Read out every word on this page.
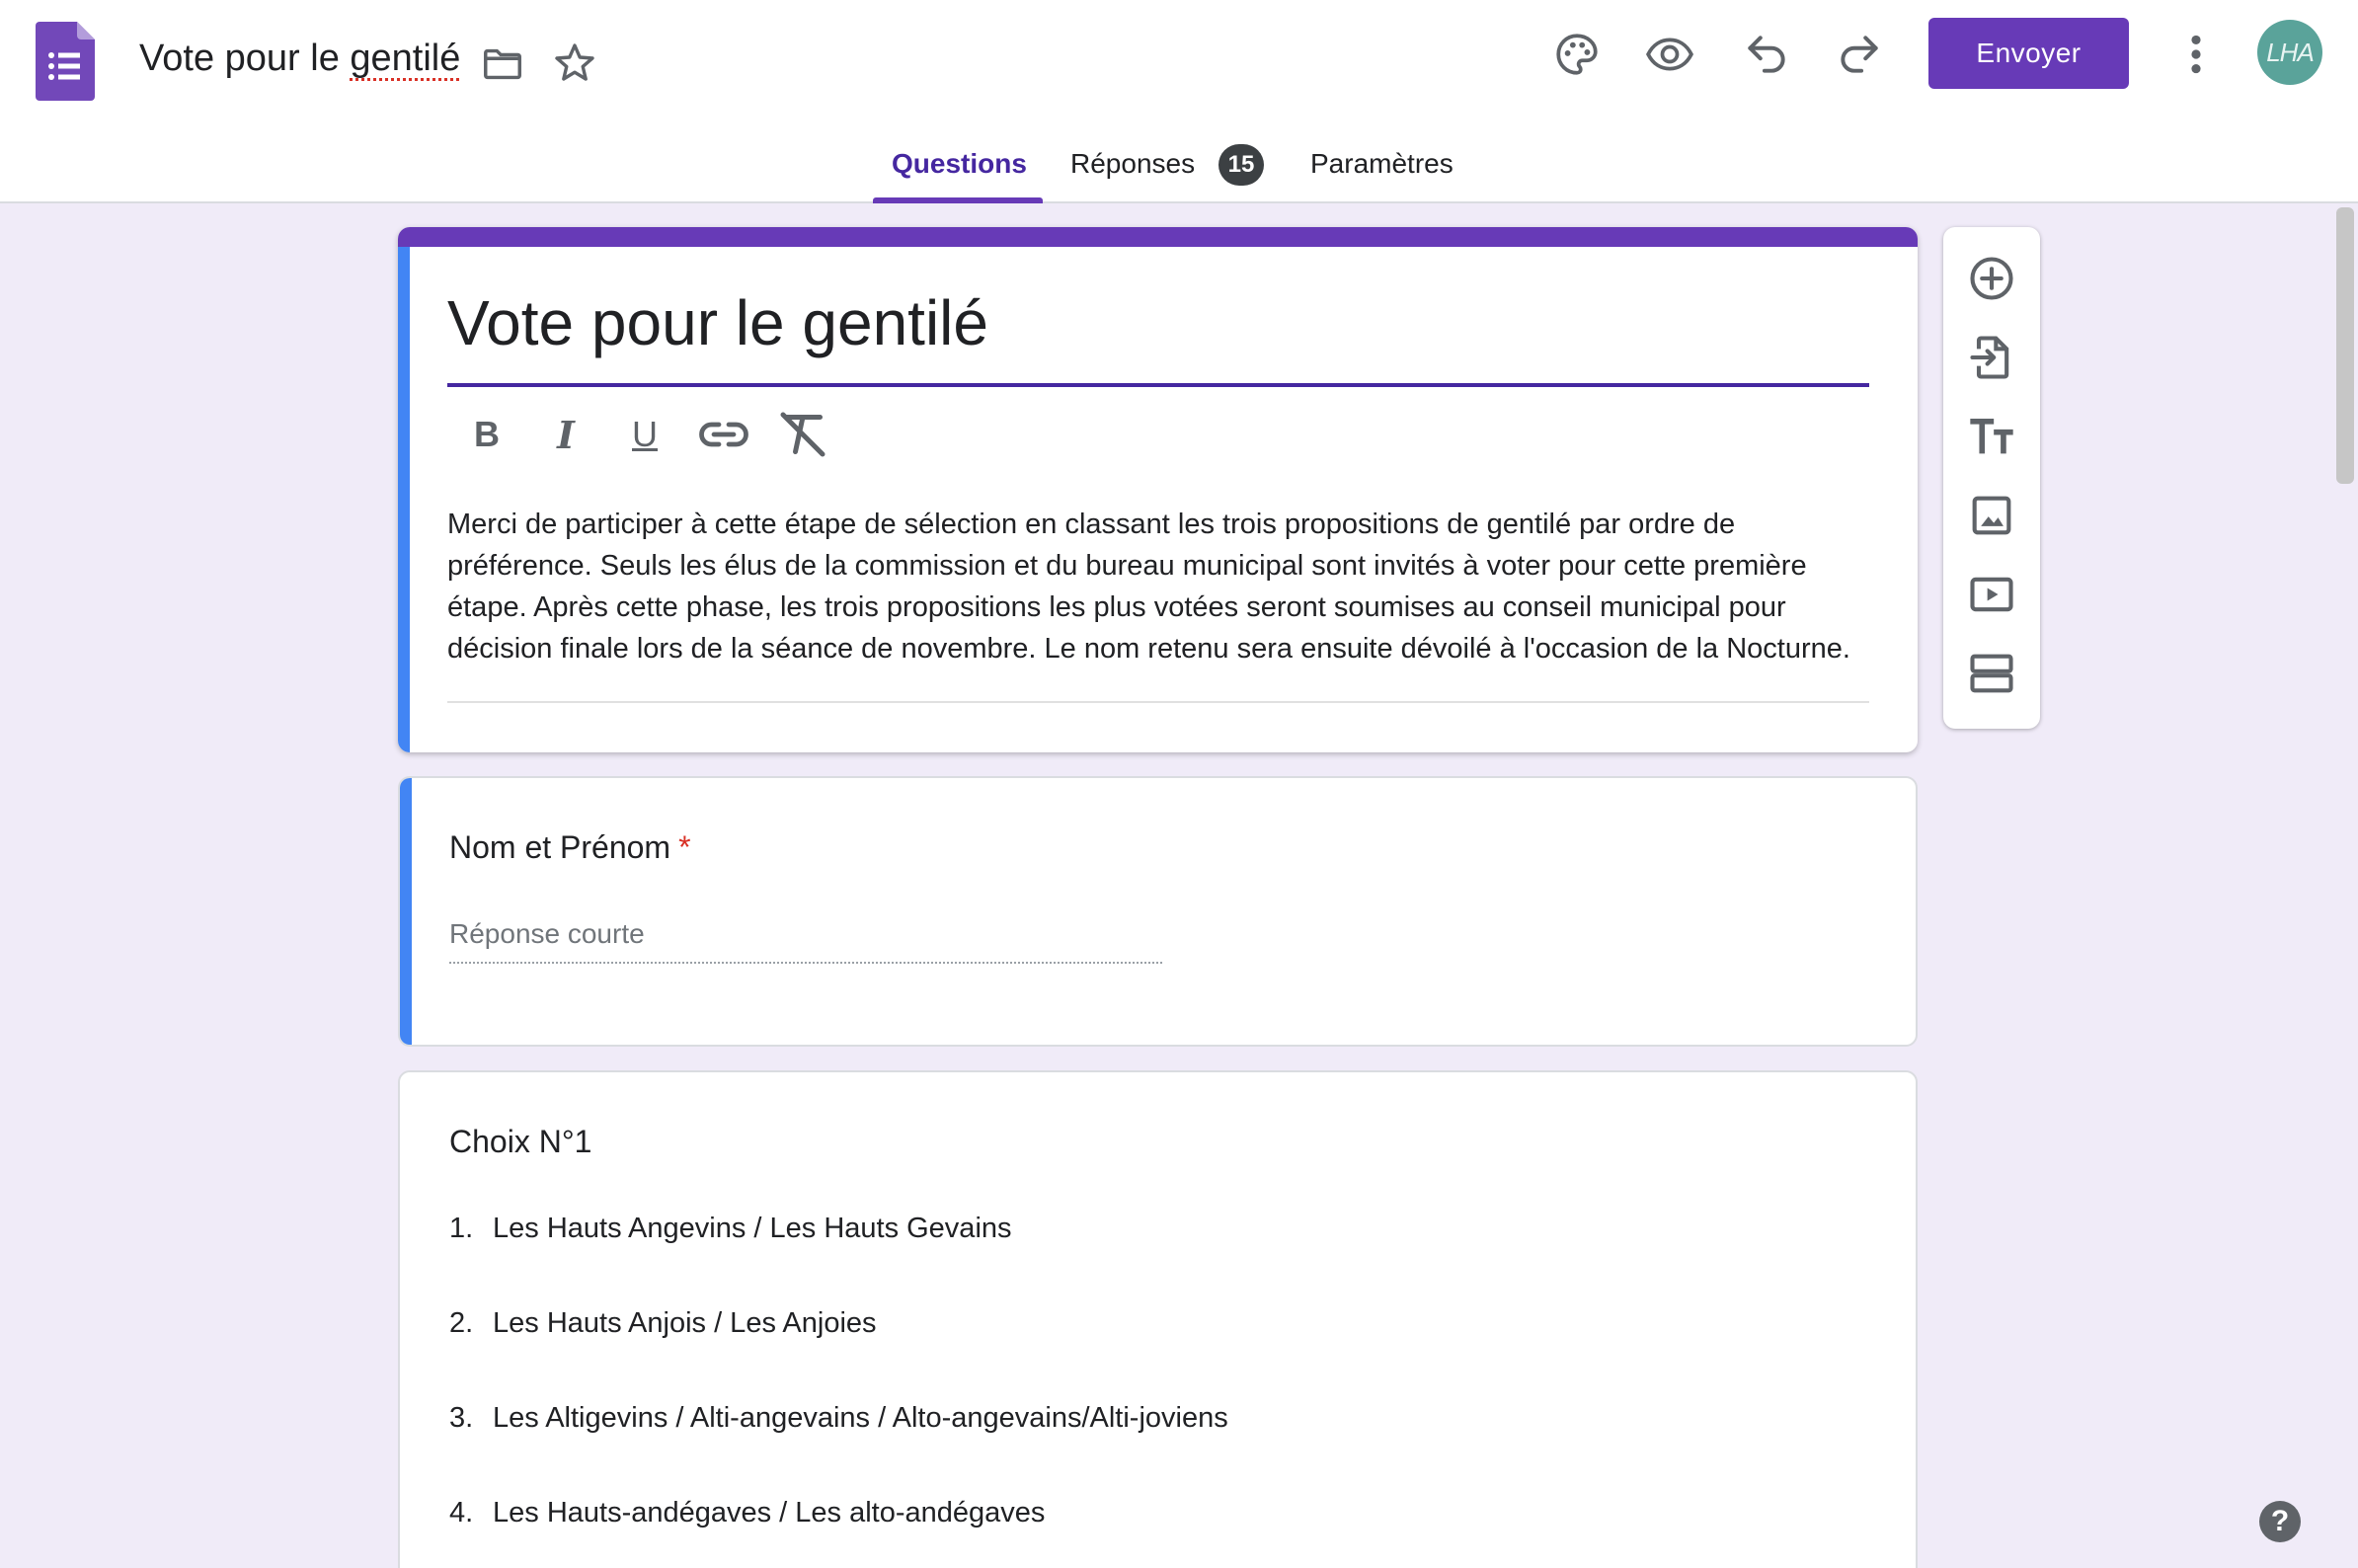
Vote pour le gentilé	Envoyer	LHA
Questions Réponses	15	Paramètres
Vote pour le gentilé
B	I	U
Merci de participer à cette étape de sélection en classant les trois propositions de gentilé par ordre de préférence. Seuls les élus de la commission et du bureau municipal sont invités à voter pour cette première étape. Après cette phase, les trois propositions les plus votées seront soumises au conseil municipal pour décision finale lors de la séance de novembre. Le nom retenu sera ensuite dévoilé à l'occasion de la Nocturne.
Nom et Prénom *
Réponse courte
Choix N°1
1. Les Hauts Angevins / Les Hauts Gevains
2. Les Hauts Anjois / Les Anjoies
3. Les Altigevins / Alti-angevains / Alto-angevains/Alti-joviens
4. Les Hauts-andégaves / Les alto-andégaves	?
